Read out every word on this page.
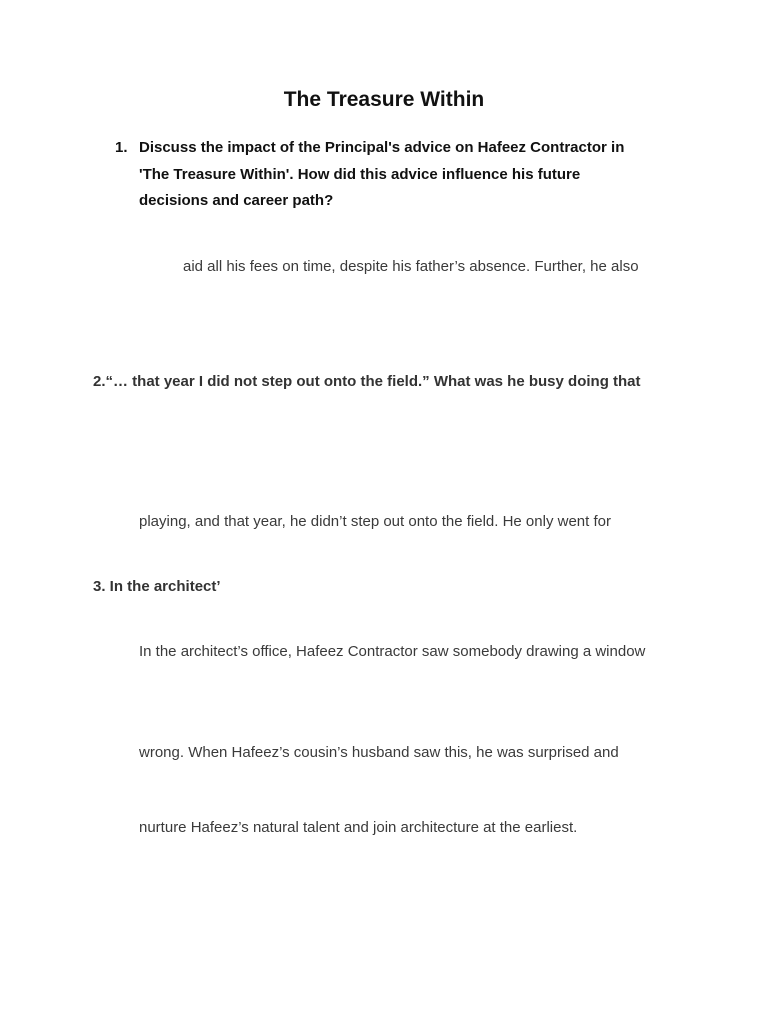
The Treasure Within
1. Discuss the impact of the Principal's advice on Hafeez Contractor in 'The Treasure Within'. How did this advice influence his future decisions and career path?
aid all his fees on time, despite his father’s absence. Further, he also
2.“… that year I did not step out onto the field.” What was he busy doing that
playing, and that year, he didn’t step out onto the field. He only went for
3. In the architect’
In the architect’s office, Hafeez Contractor saw somebody drawing a window
wrong. When Hafeez’s cousin’s husband saw this, he was surprised and
nurture Hafeez’s natural talent and join architecture at the earliest.
